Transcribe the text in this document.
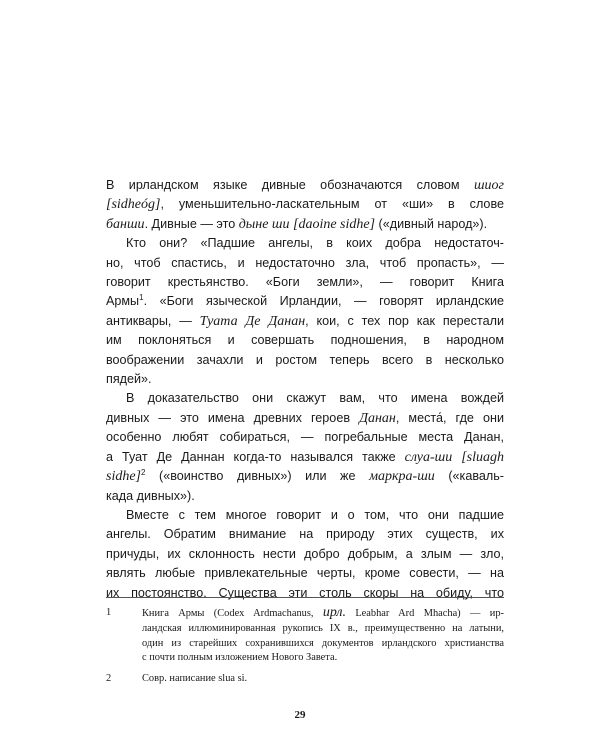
В ирландском языке дивные обозначаются словом шиог
[sidheóg], уменьшительно-ласкательным от «ши» в слове
банши. Дивные — это дыне ши [daoine sidhe] («дивный народ»).

Кто они? «Падшие ангелы, в коих добра недостаточ-
но, чтоб спастись, и недостаточно зла, чтоб пропасть», —
говорит крестьянство. «Боги земли», — говорит Книга
Армы$^1$. «Боги языческой Ирландии, — говорят ирландские
антиквары, — Туата Де Данан, кои, с тех пор как перестали
им поклоняться и совершать подношения, в народном
воображении зачахли и ростом теперь всего в несколько
пядей».

В доказательство они скажут вам, что имена вождей
дивных — это имена древних героев Данан, места́, где они
особенно любят собираться, — погребальные места Данан,
а Туат Де Даннан когда-то назывался также слуа-ши [sluagh
sidhe]$^2$ («воинство дивных») или же маркра-ши («каваль-
када дивных»).

Вместе с тем многое говорит и о том, что они падшие
ангелы. Обратим внимание на природу этих существ, их
причуды, их склонность нести добро добрым, а злым — зло,
являть любые привлекательные черты, кроме совести, — на
их постоянство. Существа эти столь скоры на обиду, что

1	Книга Армы (Codex Ardmachanus, ирл. Leabhar Ard Mhacha) — ир-
ландская иллюминированная рукопись IX в., преимущественно на латыни,
один из старейших сохранившихся документов ирландского христианства
с почти полным изложением Нового Завета.
2	Совр. написание slua si.
29
